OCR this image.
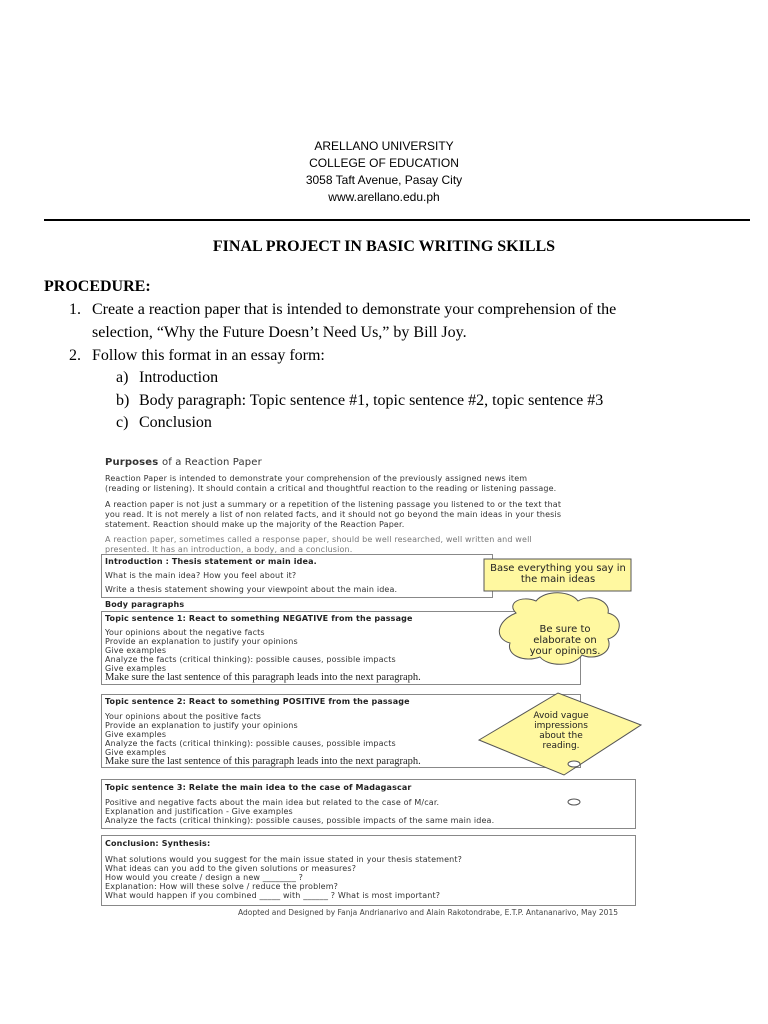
ARELLANO UNIVERSITY
COLLEGE OF EDUCATION
3058 Taft Avenue, Pasay City
www.arellano.edu.ph
FINAL PROJECT IN BASIC WRITING SKILLS
PROCEDURE:
1. Create a reaction paper that is intended to demonstrate your comprehension of the
selection, “Why the Future Doesn’t Need Us,” by Bill Joy.
2. Follow this format in an essay form:
a) Introduction
b) Body paragraph: Topic sentence #1, topic sentence #2, topic sentence #3
c) Conclusion
Purposes of a Reaction Paper
Reaction Paper is intended to demonstrate your comprehension of the previously assigned news item
(reading or listening). It should contain a critical and thoughtful reaction to the reading or listening passage.
A reaction paper is not just a summary or a repetition of the listening passage you listened to or the text that
you read. It is not merely a list of non related facts, and it should not go beyond the main ideas in your thesis
statement. Reaction should make up the majority of the Reaction Paper.
A reaction paper, sometimes called a response paper, should be well researched, well written and well
presented. It has an introduction, a body, and a conclusion.
Introduction : Thesis statement or main idea.
What is the main idea? How you feel about it?
Write a thesis statement showing your viewpoint about the main idea.
Body paragraphs
Topic sentence 1: React to something NEGATIVE from the passage
Your opinions about the negative facts
Provide an explanation to justify your opinions
Give examples
Analyze the facts (critical thinking): possible causes, possible impacts
Give examples
Make sure the last sentence of this paragraph leads into the next paragraph.
Topic sentence 2: React to something POSITIVE from the passage
Your opinions about the positive facts
Provide an explanation to justify your opinions
Give examples
Analyze the facts (critical thinking): possible causes, possible impacts
Give examples
Make sure the last sentence of this paragraph leads into the next paragraph.
Topic sentence 3: Relate the main idea to the case of Madagascar
Positive and negative facts about the main idea but related to the case of M/car.
Explanation and justification - Give examples
Analyze the facts (critical thinking): possible causes, possible impacts of the same main idea.
Conclusion: Synthesis:
What solutions would you suggest for the main issue stated in your thesis statement?
What ideas can you add to the given solutions or measures?
How would you create / design a new ________ ?
Explanation: How will these solve / reduce the problem?
What would happen if you combined _____ with ______ ? What is most important?
Base everything you say in the main ideas
Be sure to elaborate on your opinions.
Avoid vague impressions about the reading.
Adopted and Designed by Fanja Andrianarivo and Alain Rakotondrabe, E.T.P. Antananarivo, May 2015
